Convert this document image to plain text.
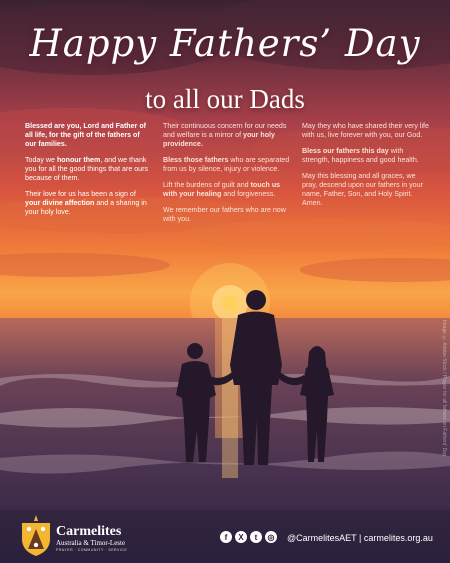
Happy Fathers’ Day
to all our Dads

Blessed are you, Lord and Father of all life, for the gift of the fathers of our families.

Today we honour them, and we thank you for all the good things that are ours because of them.

Their love for us has been a sign of your divine affection and a sharing in your holy love.

Their continuous concern for our needs and welfare is a mirror of your holy providence.

Bless those fathers who are separated from us by silence, injury or violence.

Lift the burdens of guilt and touch us with your healing and forgiveness.

We remember our fathers who are now with you.

May they who have shared their very life with us, live forever with you, our God.

Bless our fathers this day with strength, happiness and good health.

May this blessing and all graces, we pray, descend upon our fathers in your name, Father, Son, and Holy Spirit. Amen.

Image © Adobe Stock / Prayer for all fathers on Fathers' Day
Carmelites
Australia & Timor-Leste
PRAYER · COMMUNITY · SERVICE
f	X	t	◎ @CarmelitesAET | carmelites.org.au
